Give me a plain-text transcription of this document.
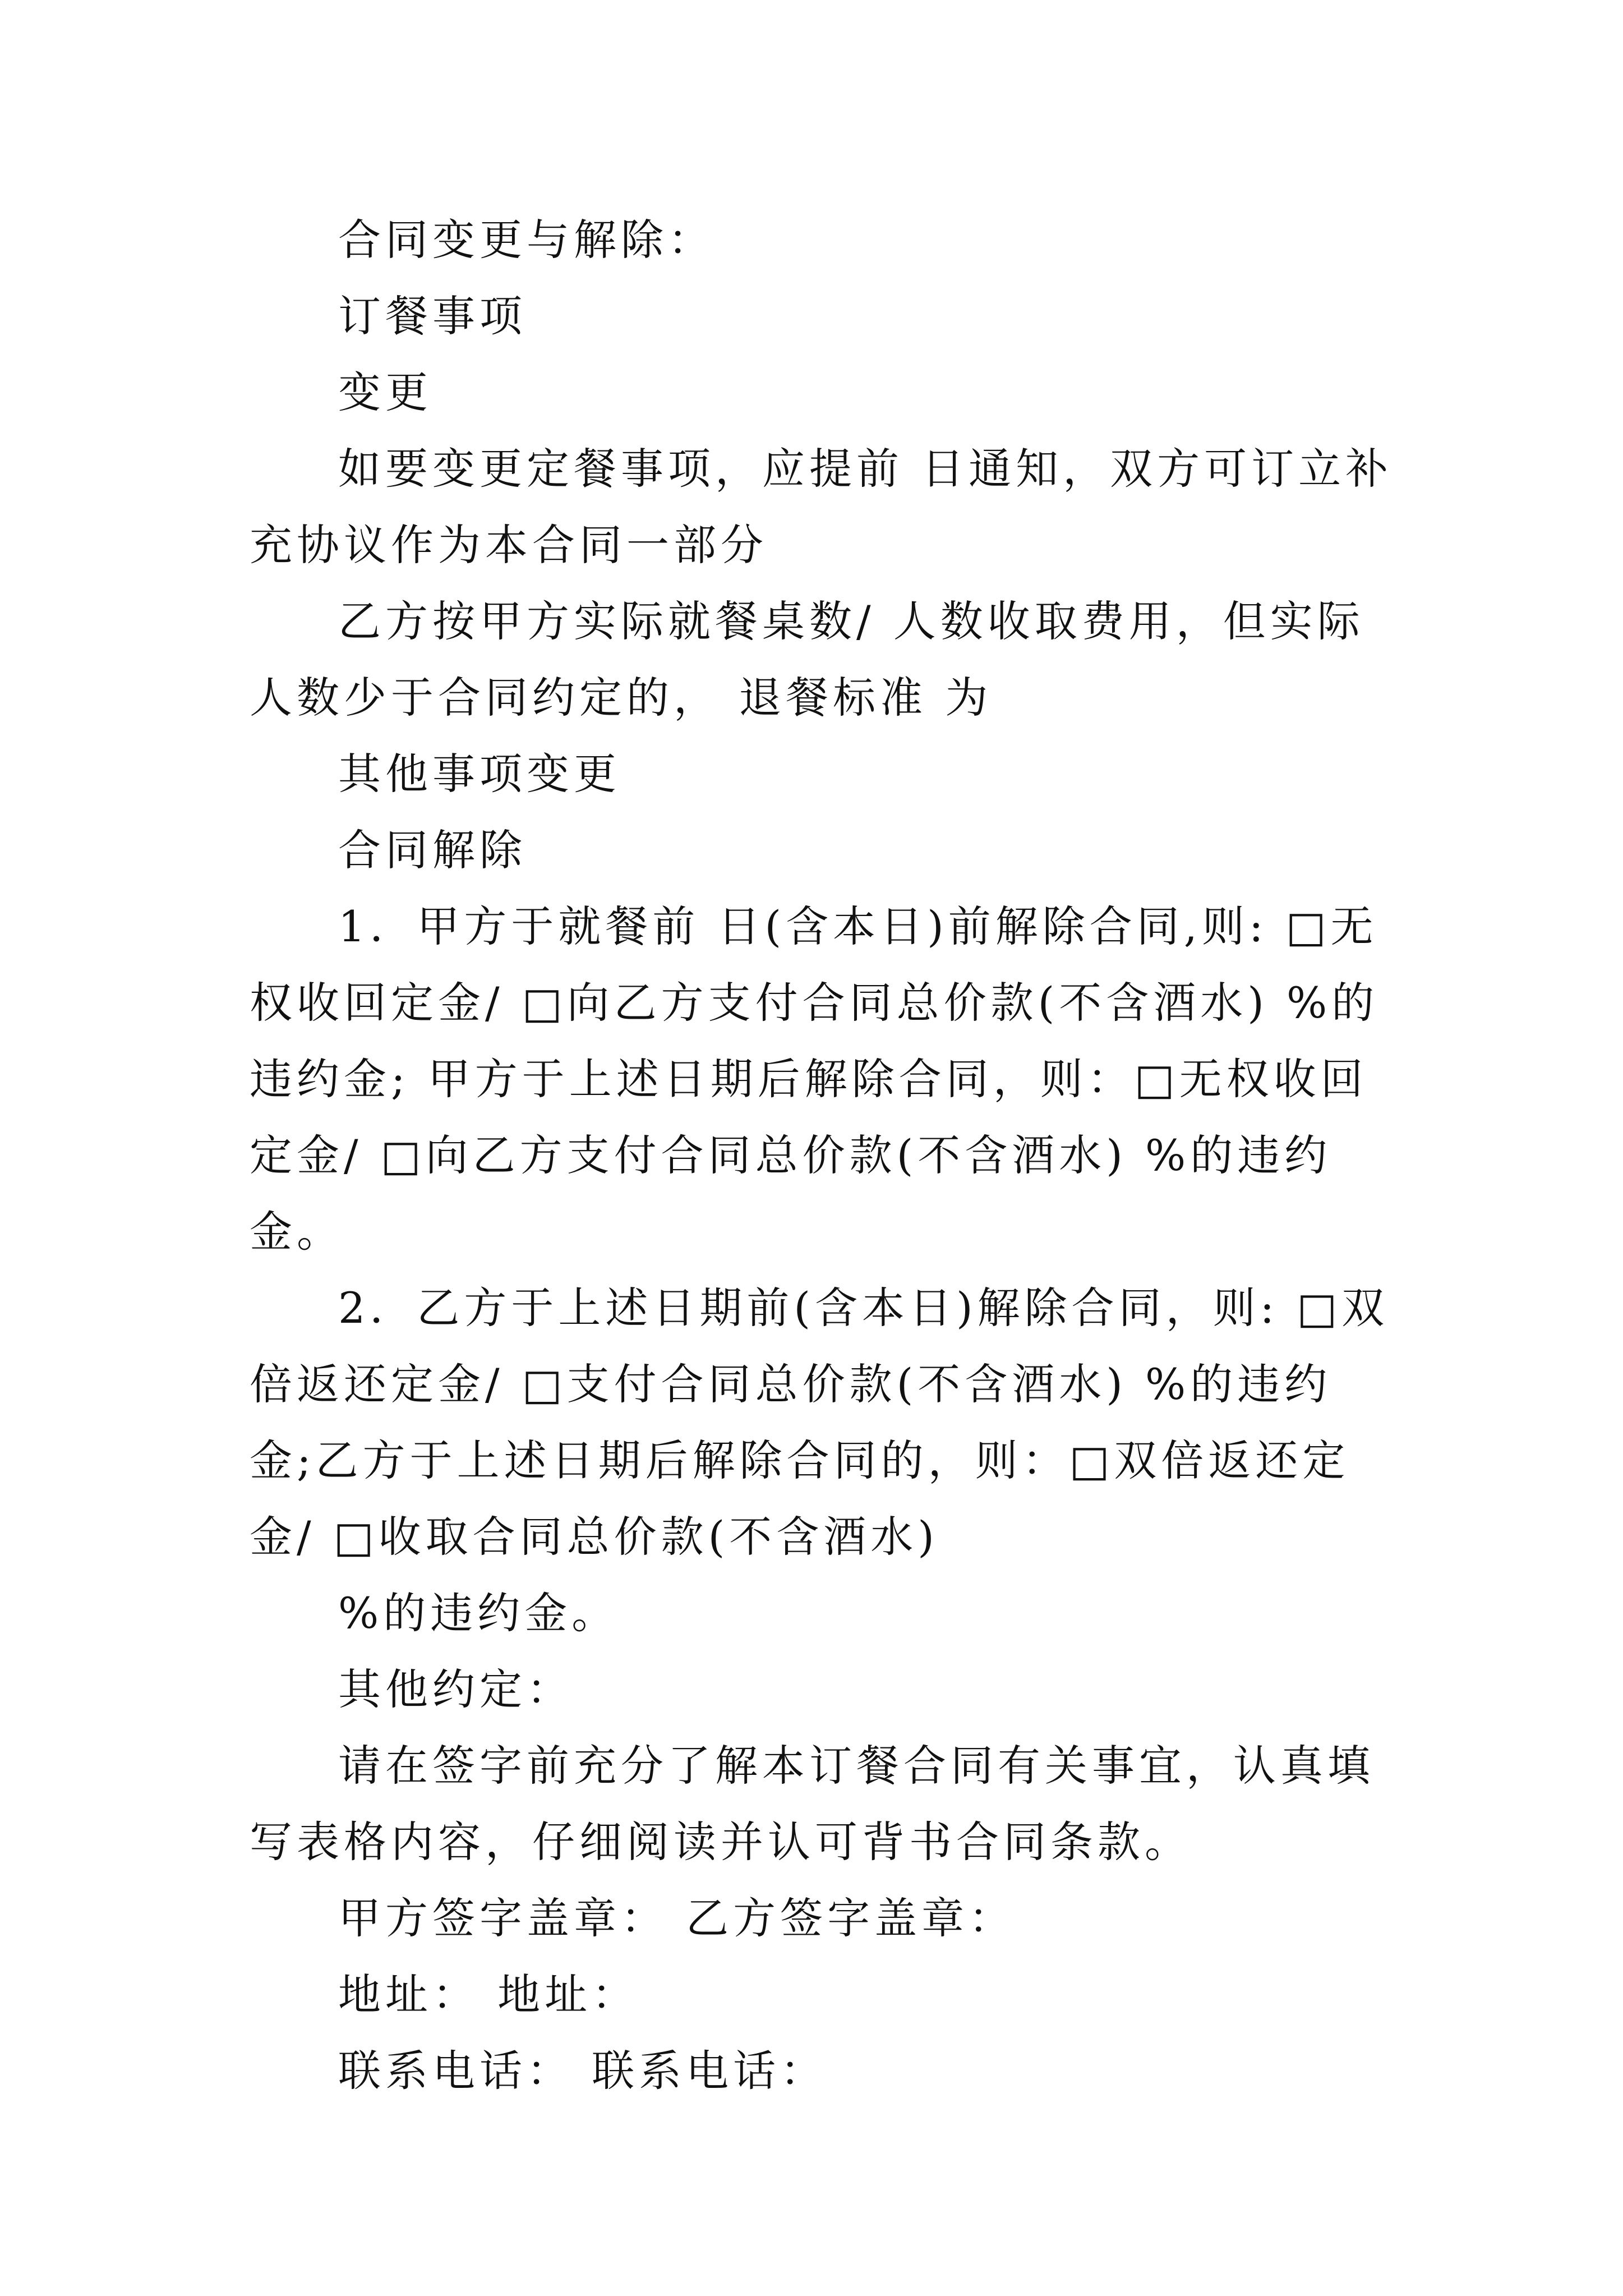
合同变更与解除：

订餐事项

变更

如要变更定餐事项，应提前 日通知，双方可订立补充协议作为本合同一部分

乙方按甲方实际就餐桌数/ 人数收取费用，但实际人数少于合同约定的， 退餐标准 为

其他事项变更

合同解除

1．甲方于就餐前 日(含本日)前解除合同,则: □无权收回定金/ □向乙方支付合同总价款(不含酒水) %的违约金; 甲方于上述日期后解除合同，则：□无权收回定金/ □向乙方支付合同总价款(不含酒水) %的违约金。

2．乙方于上述日期前(含本日)解除合同，则: □双倍返还定金/ □支付合同总价款(不含酒水) %的违约金;乙方于上述日期后解除合同的，则：□双倍返还定金/ □收取合同总价款(不含酒水)

%的违约金。

其他约定：

请在签字前充分了解本订餐合同有关事宜，认真填写表格内容，仔细阅读并认可背书合同条款。

甲方签字盖章： 乙方签字盖章：

地址： 地址：

联系电话： 联系电话：
